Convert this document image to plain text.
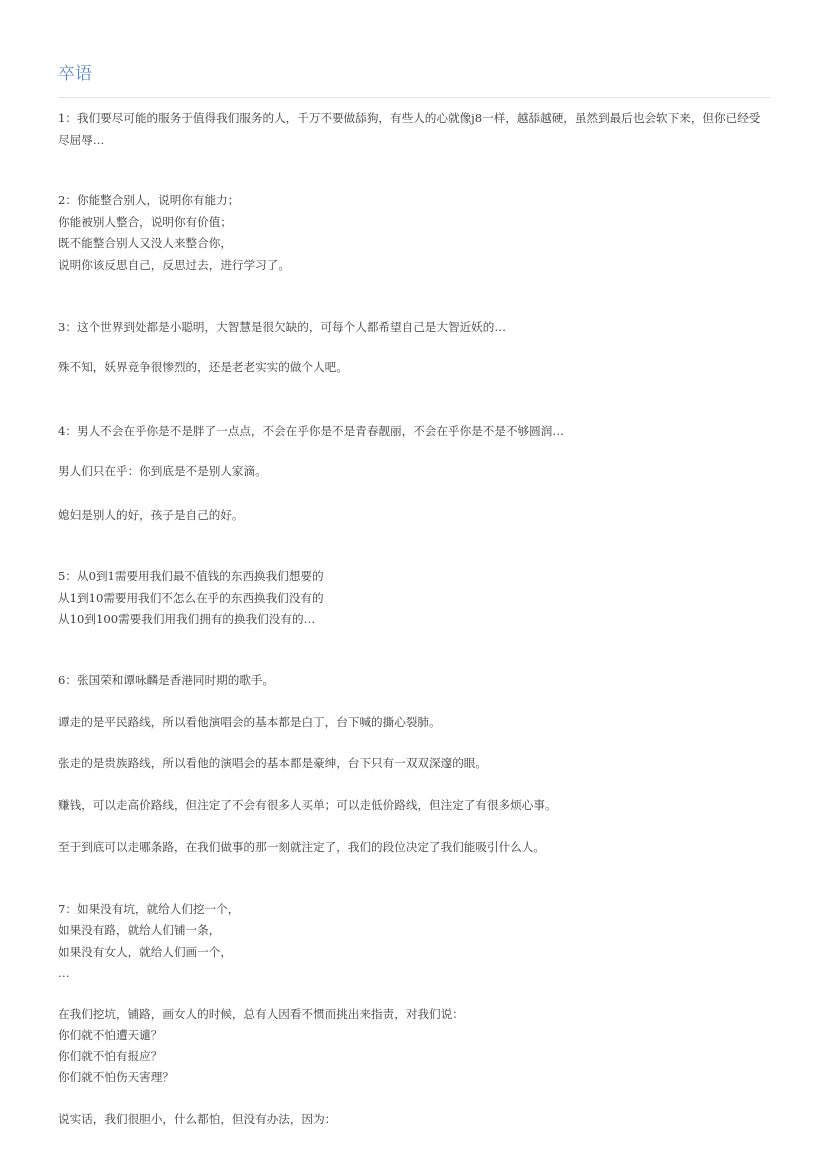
卒语
1：我们要尽可能的服务于值得我们服务的人，千万不要做舔狗，有些人的心就像j8一样，越舔越硬，虽然到最后也会软下来，但你已经受尽屈辱…
2：你能整合别人，说明你有能力；
你能被别人整合，说明你有价值；
既不能整合别人又没人来整合你，
说明你该反思自己，反思过去，进行学习了。
3：这个世界到处都是小聪明，大智慧是很欠缺的，可每个人都希望自己是大智近妖的…
殊不知，妖界竞争很惨烈的，还是老老实实的做个人吧。
4：男人不会在乎你是不是胖了一点点，不会在乎你是不是青春靓丽，不会在乎你是不是不够圆润…
男人们只在乎：你到底是不是别人家滴。
媳妇是别人的好，孩子是自己的好。
5：从0到1需要用我们最不值钱的东西换我们想要的
从1到10需要用我们不怎么在乎的东西换我们没有的
从10到100需要我们用我们拥有的换我们没有的…
6：张国荣和谭咏麟是香港同时期的歌手。
谭走的是平民路线，所以看他演唱会的基本都是白丁，台下喊的撕心裂肺。
张走的是贵族路线，所以看他的演唱会的基本都是豪绅，台下只有一双双深邃的眼。
赚钱，可以走高价路线，但注定了不会有很多人买单；可以走低价路线，但注定了有很多烦心事。
至于到底可以走哪条路，在我们做事的那一刻就注定了，我们的段位决定了我们能吸引什么人。
7：如果没有坑，就给人们挖一个，
如果没有路，就给人们铺一条，
如果没有女人，就给人们画一个，
…
在我们挖坑，铺路，画女人的时候，总有人因看不惯而挑出来指责，对我们说：
你们就不怕遭天谴？
你们就不怕有报应？
你们就不怕伤天害理？
说实话，我们很胆小，什么都怕，但没有办法，因为：
